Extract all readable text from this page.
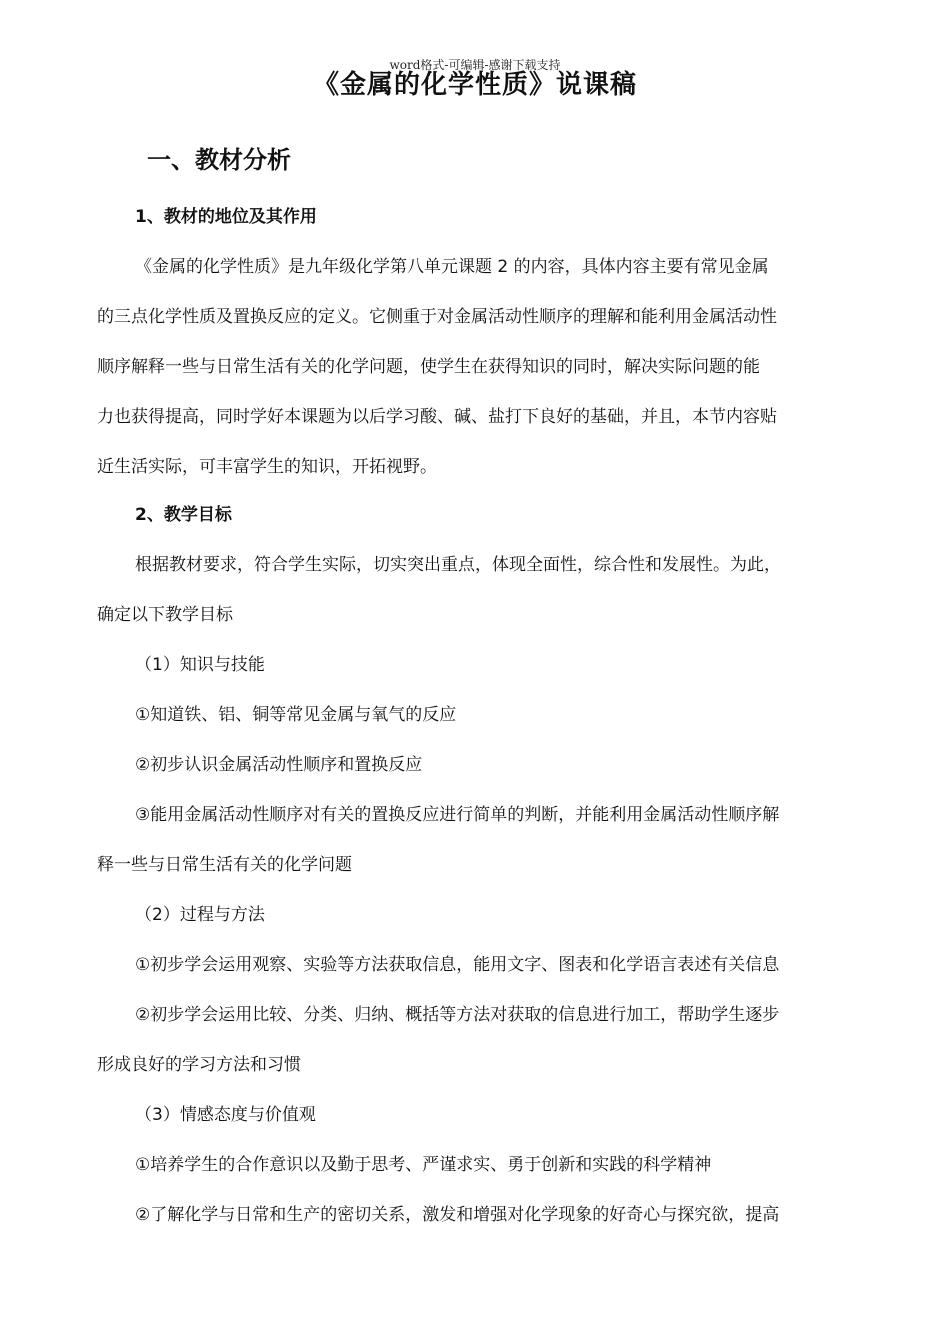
word格式-可编辑-感谢下载支持
《金属的化学性质》说课稿
一、教材分析
1、教材的地位及其作用
《金属的化学性质》是九年级化学第八单元课题 2 的内容，具体内容主要有常见金属
的三点化学性质及置换反应的定义。它侧重于对金属活动性顺序的理解和能利用金属活动性
顺序解释一些与日常生活有关的化学问题，使学生在获得知识的同时，解决实际问题的能
力也获得提高，同时学好本课题为以后学习酸、碱、盐打下良好的基础，并且，本节内容贴
近生活实际，可丰富学生的知识，开拓视野。
2、教学目标
根据教材要求，符合学生实际，切实突出重点，体现全面性，综合性和发展性。为此，
确定以下教学目标
（1）知识与技能
①知道铁、铝、铜等常见金属与氧气的反应
②初步认识金属活动性顺序和置换反应
③能用金属活动性顺序对有关的置换反应进行简单的判断，并能利用金属活动性顺序解
释一些与日常生活有关的化学问题
（2）过程与方法
①初步学会运用观察、实验等方法获取信息，能用文字、图表和化学语言表述有关信息
②初步学会运用比较、分类、归纳、概括等方法对获取的信息进行加工，帮助学生逐步
形成良好的学习方法和习惯
（3）情感态度与价值观
①培养学生的合作意识以及勤于思考、严谨求实、勇于创新和实践的科学精神
②了解化学与日常和生产的密切关系，激发和增强对化学现象的好奇心与探究欲，提高
